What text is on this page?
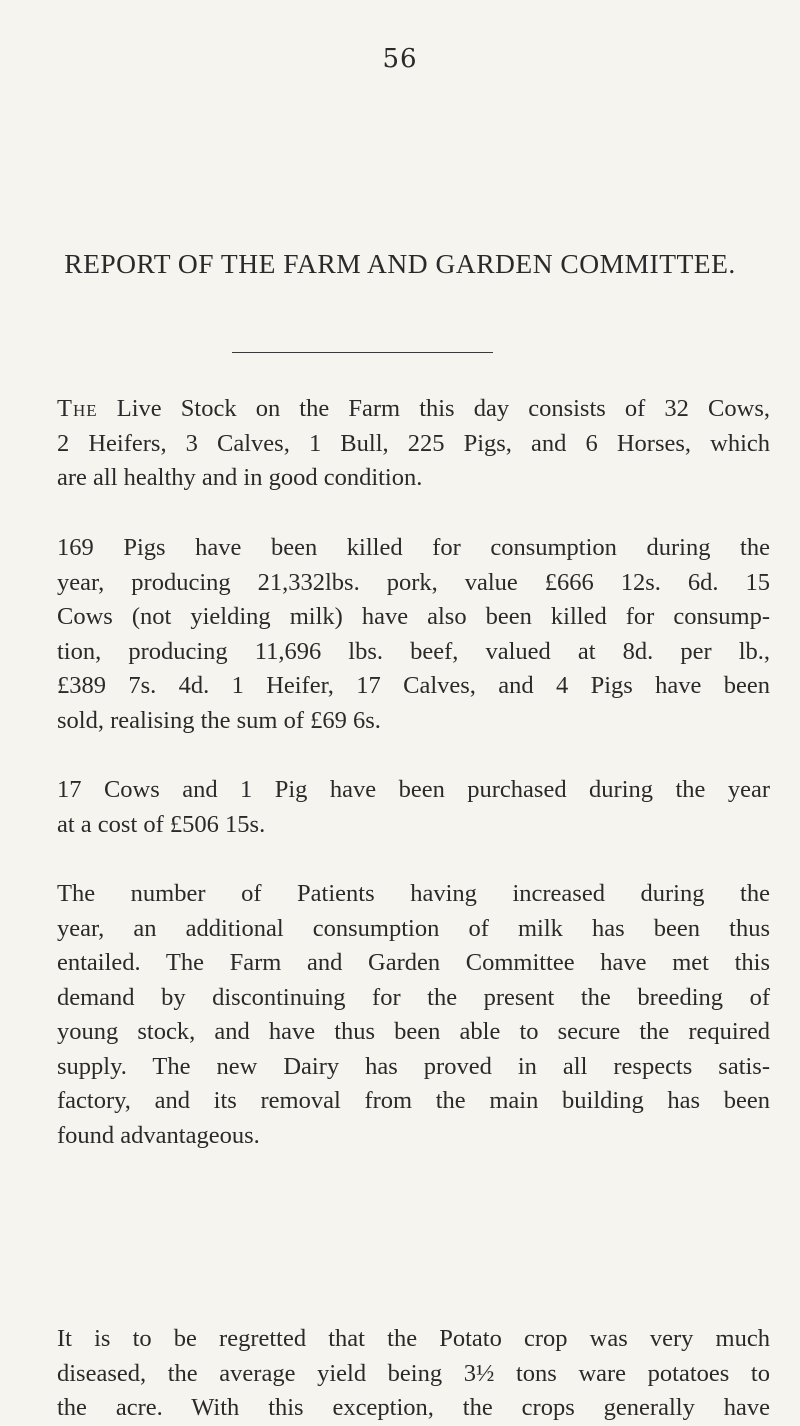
56
REPORT OF THE FARM AND GARDEN COMMITTEE.
The Live Stock on the Farm this day consists of 32 Cows,
2 Heifers, 3 Calves, 1 Bull, 225 Pigs, and 6 Horses, which
are all healthy and in good condition.
169 Pigs have been killed for consumption during the
year, producing 21,332lbs. pork, value £666 12s. 6d. 15
Cows (not yielding milk) have also been killed for consump-
tion, producing 11,696 lbs. beef, valued at 8d. per lb.,
£389 7s. 4d. 1 Heifer, 17 Calves, and 4 Pigs have been
sold, realising the sum of £69 6s.
17 Cows and 1 Pig have been purchased during the year
at a cost of £506 15s.
The number of Patients having increased during the
year, an additional consumption of milk has been thus
entailed. The Farm and Garden Committee have met this
demand by discontinuing for the present the breeding of
young stock, and have thus been able to secure the required
supply. The new Dairy has proved in all respects satis-
factory, and its removal from the main building has been
found advantageous.
It is to be regretted that the Potato crop was very much
diseased, the average yield being 3½ tons ware potatoes to
the acre. With this exception, the crops generally have
